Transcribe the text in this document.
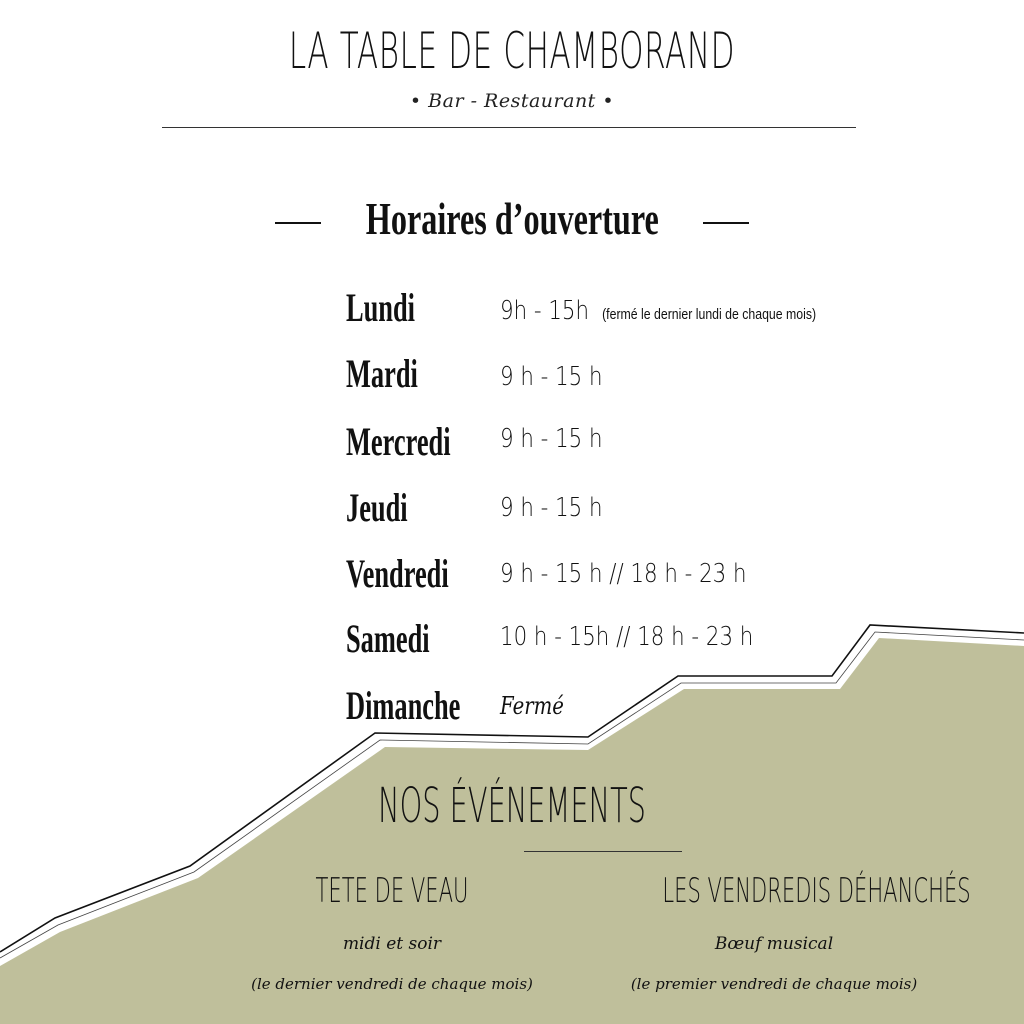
LA TABLE DE CHAMBORAND
• Bar - Restaurant •
Horaires d’ouverture
Lundi	9h - 15h (fermé le dernier lundi de chaque mois)
Mardi	9 h - 15 h
Mercredi 9 h - 15 h
Jeudi	9 h - 15 h
Vendredi 9 h - 15 h // 18 h - 23 h
Samedi	10 h - 15h // 18 h - 23 h
Dimanche Fermé
NOS ÉVÉNEMENTS
TETE DE VEAU
midi et soir
(le dernier vendredi de chaque mois)
LES VENDREDIS DÉHANCHÉS
Bœuf musical
(le premier vendredi de chaque mois)
